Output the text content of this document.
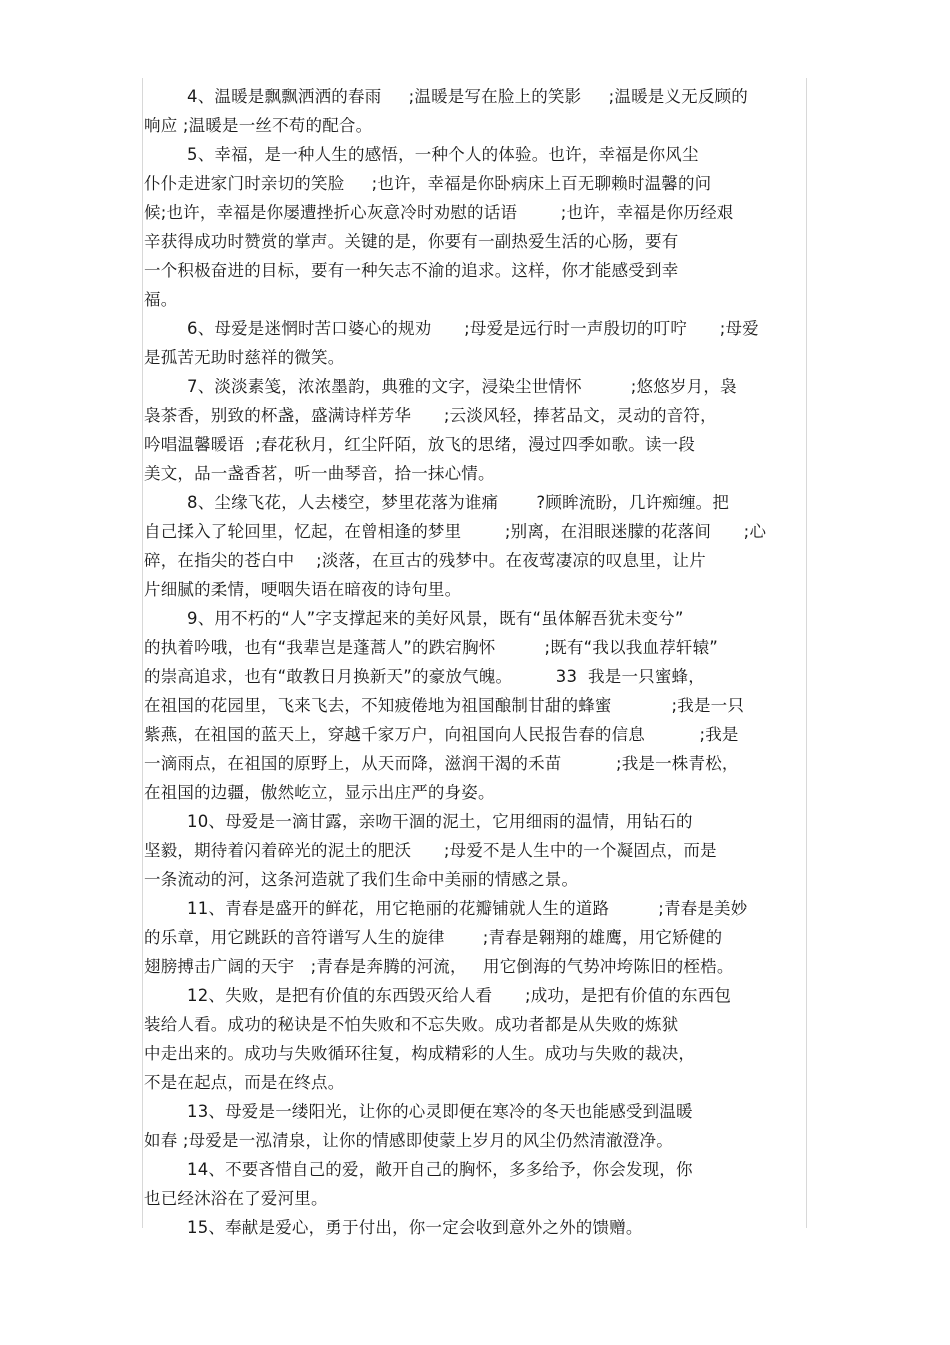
4、温暖是飘飘洒洒的春雨     ;温暖是写在脸上的笑影     ;温暖是义无反顾的
响应 ;温暖是一丝不苟的配合。
5、幸福，是一种人生的感悟，一种个人的体验。也许，幸福是你风尘
仆仆走进家门时亲切的笑脸     ;也许，幸福是你卧病床上百无聊赖时温馨的问
候;也许，幸福是你屡遭挫折心灰意冷时劝慰的话语        ;也许，幸福是你历经艰
辛获得成功时赞赏的掌声。关键的是，你要有一副热爱生活的心肠，要有
一个积极奋进的目标，要有一种矢志不渝的追求。这样，你才能感受到幸
福。
6、母爱是迷惘时苦口婆心的规劝      ;母爱是远行时一声殷切的叮咛      ;母爱
是孤苦无助时慈祥的微笑。
7、淡淡素笺，浓浓墨韵，典雅的文字，浸染尘世情怀         ;悠悠岁月，袅
袅茶香，别致的杯盏，盛满诗样芳华      ;云淡风轻，捧茗品文，灵动的音符，
吟唱温馨暖语  ;春花秋月，红尘阡陌，放飞的思绪，漫过四季如歌。读一段
美文，品一盏香茗，听一曲琴音，拾一抹心情。
8、尘缘飞花，人去楼空，梦里花落为谁痛       ?顾眸流盼，几许痴缠。把
自己揉入了轮回里，忆起，在曾相逢的梦里        ;别离，在泪眼迷朦的花落间      ;心
碎，在指尖的苍白中    ;淡落，在亘古的残梦中。在夜莺凄凉的叹息里，让片
片细腻的柔情，哽咽失语在暗夜的诗句里。
9、用不朽的“人”字支撑起来的美好风景，既有“虽体解吾犹未变兮”
的执着吟哦，也有“我辈岂是蓬蒿人”的跌宕胸怀         ;既有“我以我血荐轩辕”
的崇高追求，也有“敢教日月换新天”的豪放气魄。        33  我是一只蜜蜂，
在祖国的花园里，飞来飞去，不知疲倦地为祖国酿制甘甜的蜂蜜           ;我是一只
紫燕，在祖国的蓝天上，穿越千家万户，向祖国向人民报告春的信息          ;我是
一滴雨点，在祖国的原野上，从天而降，滋润干渴的禾苗          ;我是一株青松，
在祖国的边疆，傲然屹立，显示出庄严的身姿。
10、母爱是一滴甘露，亲吻干涸的泥土，它用细雨的温情，用钻石的
坚毅，期待着闪着碎光的泥土的肥沃      ;母爱不是人生中的一个凝固点，而是
一条流动的河，这条河造就了我们生命中美丽的情感之景。
11、青春是盛开的鲜花，用它艳丽的花瓣铺就人生的道路         ;青春是美妙
的乐章，用它跳跃的音符谱写人生的旋律       ;青春是翱翔的雄鹰，用它矫健的
翅膀搏击广阔的天宇   ;青春是奔腾的河流，   用它倒海的气势冲垮陈旧的桎梏。
12、失败，是把有价值的东西毁灭给人看      ;成功，是把有价值的东西包
装给人看。成功的秘诀是不怕失败和不忘失败。成功者都是从失败的炼狱
中走出来的。成功与失败循环往复，构成精彩的人生。成功与失败的裁决，
不是在起点，而是在终点。
13、母爱是一缕阳光，让你的心灵即便在寒冷的冬天也能感受到温暖
如春 ;母爱是一泓清泉，让你的情感即使蒙上岁月的风尘仍然清澈澄净。
14、不要吝惜自己的爱，敞开自己的胸怀，多多给予，你会发现，你
也已经沐浴在了爱河里。
15、奉献是爱心，勇于付出，你一定会收到意外之外的馈赠。
